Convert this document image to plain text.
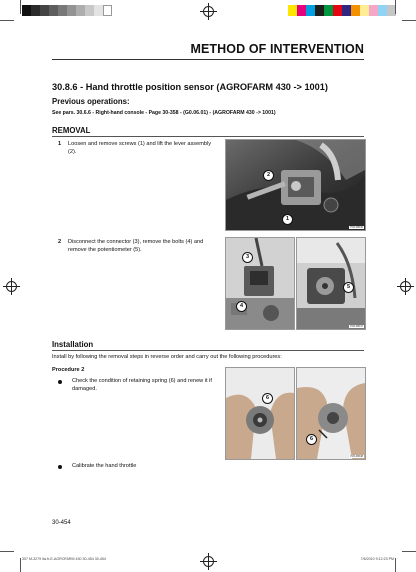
METHOD OF INTERVENTION
30.8.6 - Hand throttle position sensor (AGROFARM 430 -> 1001)
Previous operations:
See pars. 30.6.6 - Right-hand console - Page 30-358 - (G0.06.01) - (AGROFARM 430 -> 1001)
REMOVAL
1 Loosen and remove screws (1) and lift the lever assembly (2).
2
1
P30-08046
2 Disconnect the connector (3), remove the bolts (4) and remove the potentiometer (5).
3
4
5
P30-08047
Installation
Install by following the removal steps in reverse order and carry out the following procedures:
Procedure 2
Check the condition of retaining spring (6) and renew it if damaged.
6
6
P30-08048
Calibrate the hand throttle
30-454
307 M-3279 ita.fr-E-AGROFARM 430 30-454 30-454	7/6/2010 9:12:23 PM
